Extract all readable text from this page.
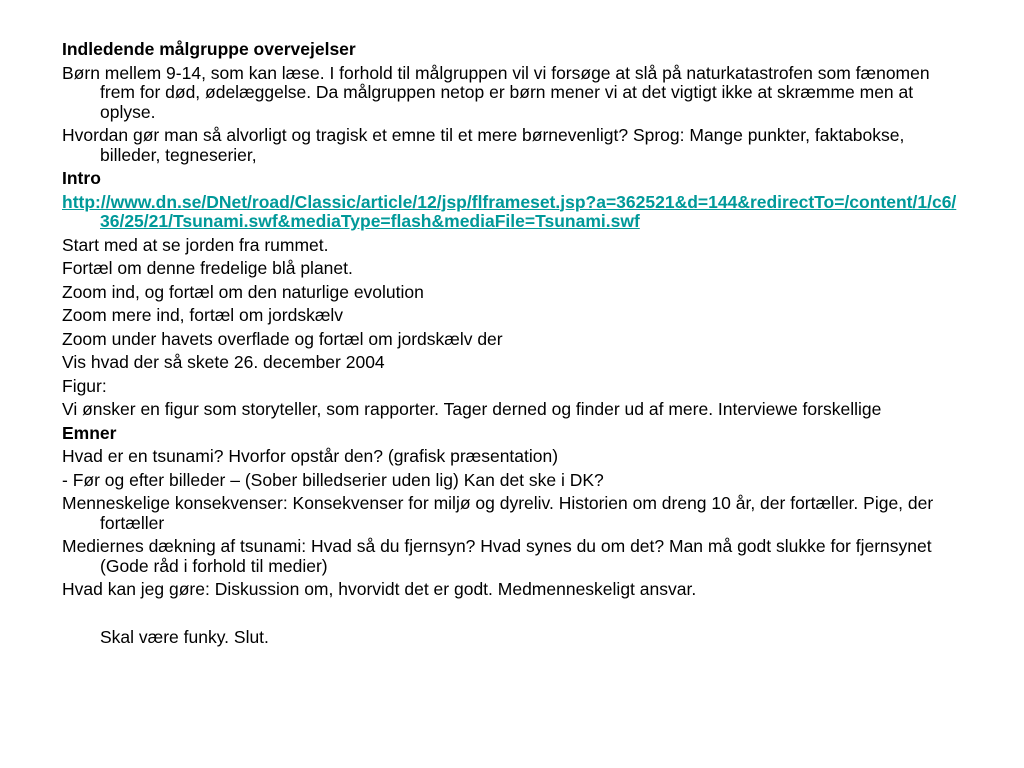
Indledende målgruppe overvejelser
Børn mellem 9-14, som kan læse. I forhold til målgruppen vil vi forsøge at slå på naturkatastrofen som fænomen frem for død, ødelæggelse. Da målgruppen netop er børn mener vi at det vigtigt ikke at skræmme men at oplyse.
Hvordan gør man så alvorligt og tragisk et emne til et mere børnevenligt? Sprog: Mange punkter, faktabokse, billeder, tegneserier,
Intro
http://www.dn.se/DNet/road/Classic/article/12/jsp/flframeset.jsp?a=362521&d=144&redirectTo=/content/1/c6/36/25/21/Tsunami.swf&mediaType=flash&mediaFile=Tsunami.swf
Start med at se jorden fra rummet.
Fortæl om denne fredelige blå planet.
Zoom ind, og fortæl om den naturlige evolution
Zoom mere ind, fortæl om jordskælv
Zoom under havets overflade og fortæl om jordskælv der
Vis hvad der så skete 26. december 2004
Figur:
Vi ønsker en figur som storyteller, som rapporter. Tager derned og finder ud af mere. Interviewe forskellige
Emner
Hvad er en tsunami? Hvorfor opstår den? (grafisk præsentation)
- Før og efter billeder – (Sober billedserier uden lig) Kan det ske i DK?
Menneskelige konsekvenser: Konsekvenser for miljø og dyreliv. Historien om dreng 10 år, der fortæller. Pige, der fortæller
Mediernes dækning af tsunami: Hvad så du fjernsyn? Hvad synes du om det? Man må godt slukke for fjernsynet (Gode råd i forhold til medier)
Hvad kan jeg gøre: Diskussion om, hvorvidt det er godt. Medmenneskeligt ansvar.
Skal være funky. Slut.
